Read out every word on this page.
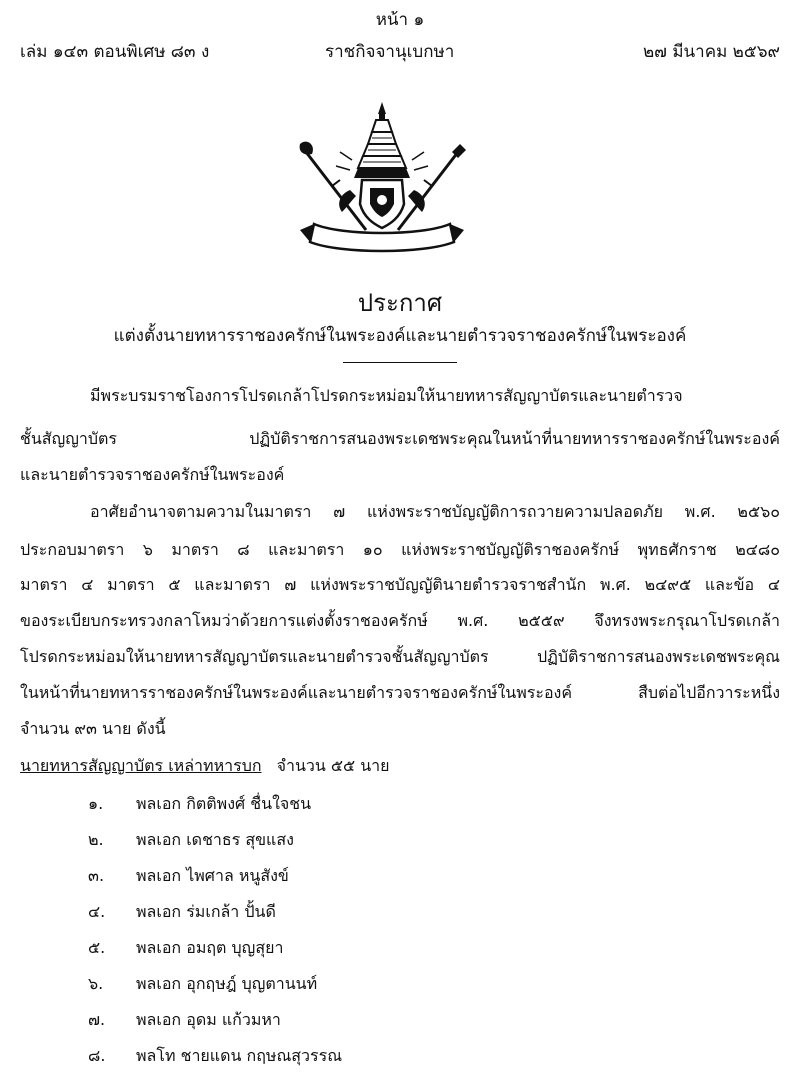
หน้า ๑
เล่ม ๑๔๓ ตอนพิเศษ ๘๓ ง	ราชกิจจานุเบกษา	๒๗ มีนาคม ๒๕๖๙
ประกาศ
แต่งตั้งนายทหารราชองครักษ์ในพระองค์และนายตำรวจราชองครักษ์ในพระองค์
มีพระบรมราชโองการโปรดเกล้าโปรดกระหม่อมให้นายทหารสัญญาบัตรและนายตำรวจ
ชั้นสัญญาบัตร ปฏิบัติราชการสนองพระเดชพระคุณในหน้าที่นายทหารราชองครักษ์ในพระองค์
และนายตำรวจราชองครักษ์ในพระองค์
อาศัยอำนาจตามความในมาตรา ๗ แห่งพระราชบัญญัติการถวายความปลอดภัย พ.ศ. ๒๕๖๐
ประกอบมาตรา ๖ มาตรา ๘ และมาตรา ๑๐ แห่งพระราชบัญญัติราชองครักษ์ พุทธศักราช ๒๔๘๐
มาตรา ๔ มาตรา ๕ และมาตรา ๗ แห่งพระราชบัญญัตินายตำรวจราชสำนัก พ.ศ. ๒๔๙๕ และข้อ ๔
ของระเบียบกระทรวงกลาโหมว่าด้วยการแต่งตั้งราชองครักษ์ พ.ศ. ๒๕๕๙ จึงทรงพระกรุณาโปรดเกล้า
โปรดกระหม่อมให้นายทหารสัญญาบัตรและนายตำรวจชั้นสัญญาบัตร ปฏิบัติราชการสนองพระเดชพระคุณ
ในหน้าที่นายทหารราชองครักษ์ในพระองค์และนายตำรวจราชองครักษ์ในพระองค์ สืบต่อไปอีกวาระหนึ่ง
จำนวน ๙๓ นาย ดังนี้
นายทหารสัญญาบัตร เหล่าทหารบก จำนวน ๕๕ นาย
๑. พลเอก กิตติพงศ์ ชื่นใจชน
๒. พลเอก เดชาธร สุขแสง
๓. พลเอก ไพศาล หนูสังข์
๔. พลเอก ร่มเกล้า ปั้นดี
๕. พลเอก อมฤต บุญสุยา
๖. พลเอก อุกฤษฎ์ บุญตานนท์
๗. พลเอก อุดม แก้วมหา
๘. พลโท ชายแดน กฤษณสุวรรณ
